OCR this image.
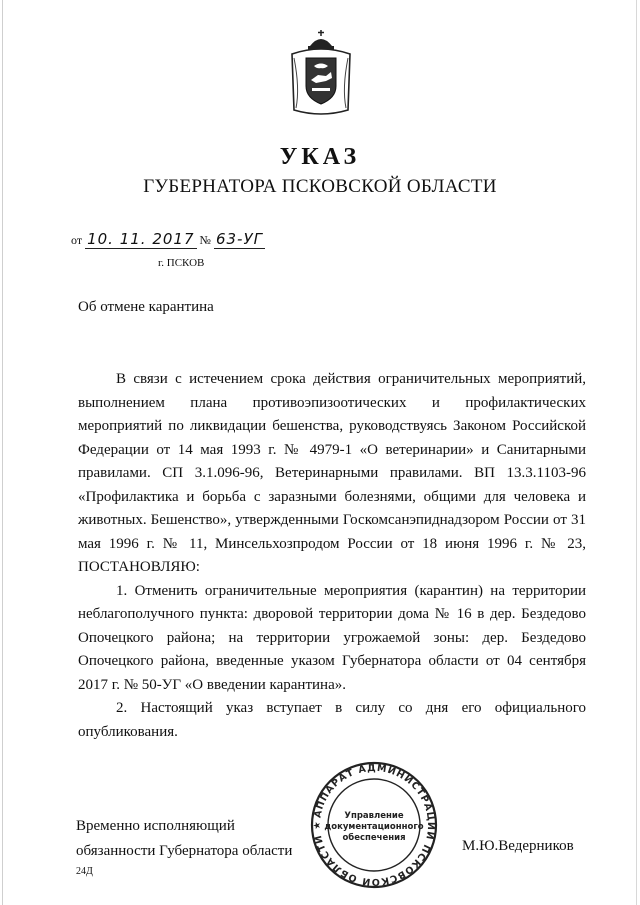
УКАЗ
ГУБЕРНАТОРА ПСКОВСКОЙ ОБЛАСТИ
от 10. 11. 2017 № 63-УГ
г. ПСКОВ
Об отмене карантина

В связи с истечением срока действия ограничительных мероприятий, выполнением плана противоэпизоотических и профилактических мероприятий по ликвидации бешенства, руководствуясь Законом Российской Федерации от 14 мая 1993 г. № 4979-1 «О ветеринарии» и Санитарными правилами. СП 3.1.096-96, Ветеринарными правилами. ВП 13.3.1103-96 «Профилактика и борьба с заразными болезнями, общими для человека и животных. Бешенство», утвержденными Госкомсанэпиднадзором России от 31 мая 1996 г. № 11, Минсельхозпродом России от 18 июня 1996 г. № 23, ПОСТАНОВЛЯЮ:

1. Отменить ограничительные мероприятия (карантин) на территории неблагополучного пункта: дворовой территории дома № 16 в дер. Бездедово Опочецкого района; на территории угрожаемой зоны: дер. Бездедово Опочецкого района, введенные указом Губернатора области от 04 сентября 2017 г. № 50-УГ «О введении карантина».

2. Настоящий указ вступает в силу со дня его официального опубликования.

Временно исполняющий
обязанности Губернатора области	М.Ю.Ведерников
24Д
АППАРАТ АДМИНИСТРАЦИИ ПСКОВСКОЙ ОБЛАСТИ ★
Управление
документационного
обеспечения
